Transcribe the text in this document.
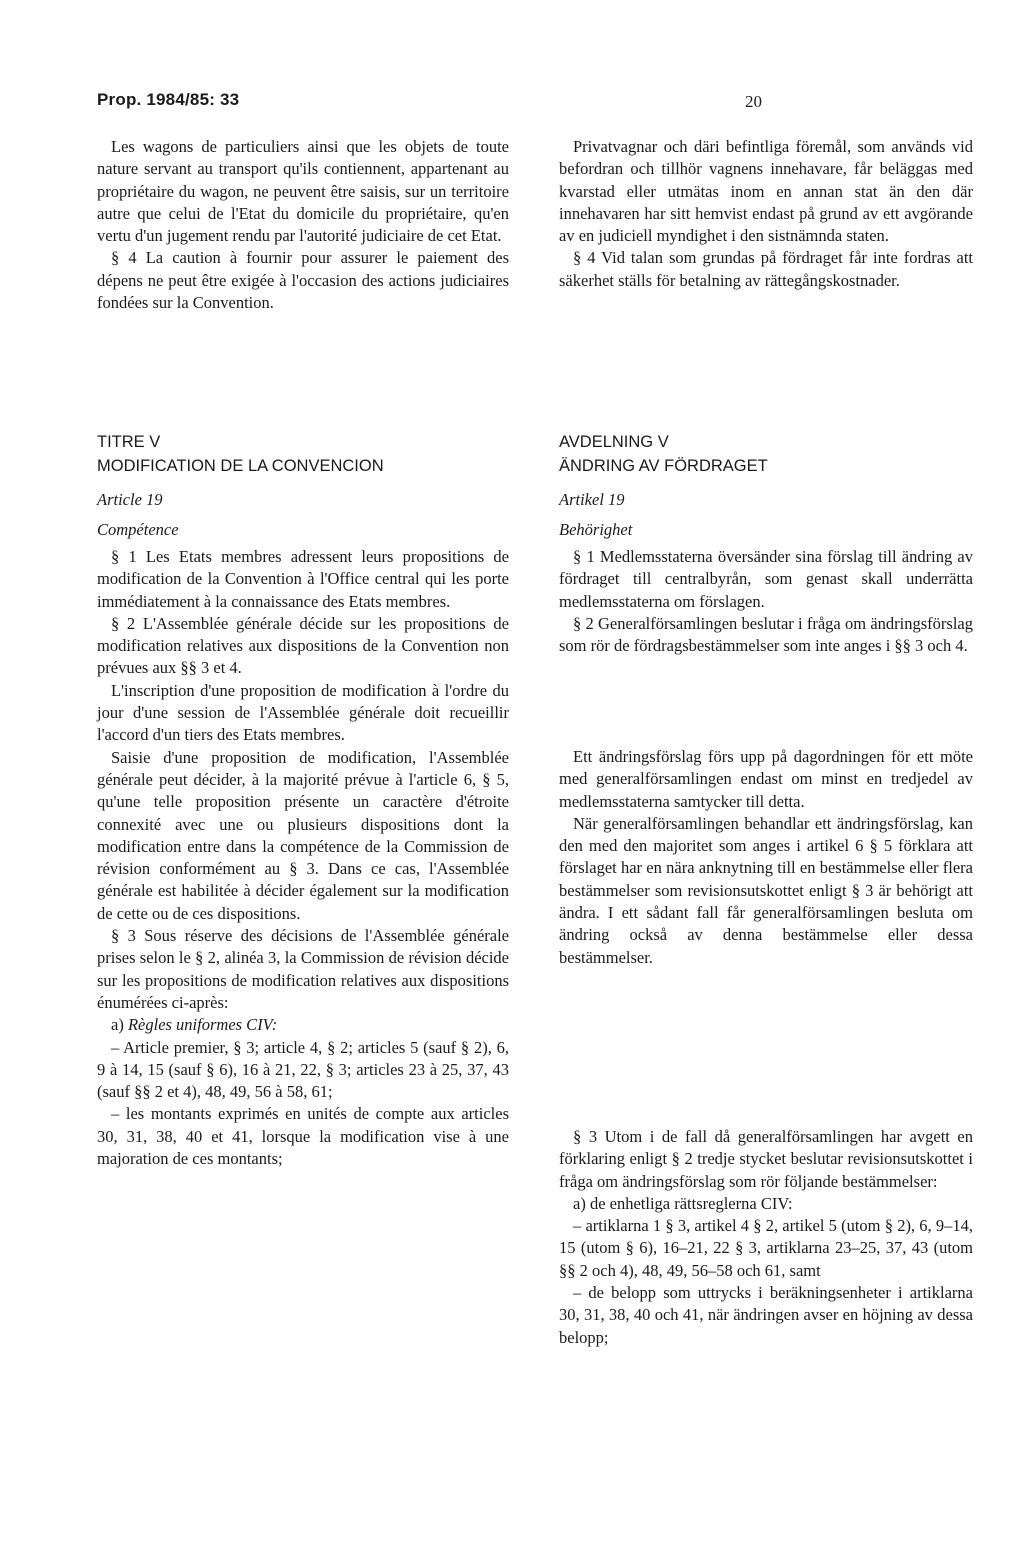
Prop. 1984/85: 33	20

Les wagons de particuliers ainsi que les objets de toute nature servant au transport qu'ils contiennent, appartenant au propriétaire du wagon, ne peuvent être saisis, sur un territoire autre que celui de l'Etat du domicile du propriétaire, qu'en vertu d'un jugement rendu par l'autorité judiciaire de cet Etat.

§ 4 La caution à fournir pour assurer le paiement des dépens ne peut être exigée à l'occasion des actions judiciaires fondées sur la Convention.

Privatvagnar och däri befintliga föremål, som används vid befordran och tillhör vagnens innehavare, får beläggas med kvarstad eller utmätas inom en annan stat än den där innehavaren har sitt hemvist endast på grund av ett avgörande av en judiciell myndighet i den sistnämnda staten.

§ 4 Vid talan som grundas på fördraget får inte fordras att säkerhet ställs för betalning av rättegångskostnader.

TITRE V

MODIFICATION DE LA CONVENCION

Article 19

Compétence

§ 1 Les Etats membres adressent leurs propositions de modification de la Convention à l'Office central qui les porte immédiatement à la connaissance des Etats membres.

§ 2 L'Assemblée générale décide sur les propositions de modification relatives aux dispositions de la Convention non prévues aux §§ 3 et 4.

L'inscription d'une proposition de modification à l'ordre du jour d'une session de l'Assemblée générale doit recueillir l'accord d'un tiers des Etats membres.

Saisie d'une proposition de modification, l'Assemblée générale peut décider, à la majorité prévue à l'article 6, § 5, qu'une telle proposition présente un caractère d'étroite connexité avec une ou plusieurs dispositions dont la modification entre dans la compétence de la Commission de révision conformément au § 3. Dans ce cas, l'Assemblée générale est habilitée à décider également sur la modification de cette ou de ces dispositions.

§ 3 Sous réserve des décisions de l'Assemblée générale prises selon le § 2, alinéa 3, la Commission de révision décide sur les propositions de modification relatives aux dispositions énumérées ci-après:

a) Règles uniformes CIV:

– Article premier, § 3; article 4, § 2; articles 5 (sauf § 2), 6, 9 à 14, 15 (sauf § 6), 16 à 21, 22, § 3; articles 23 à 25, 37, 43 (sauf §§ 2 et 4), 48, 49, 56 à 58, 61;

– les montants exprimés en unités de compte aux articles 30, 31, 38, 40 et 41, lorsque la modification vise à une majoration de ces montants;

AVDELNING V

ÄNDRING AV FÖRDRAGET

Artikel 19

Behörighet

§ 1 Medlemsstaterna översänder sina förslag till ändring av fördraget till centralbyrån, som genast skall underrätta medlemsstaterna om förslagen.

§ 2 Generalförsamlingen beslutar i fråga om ändringsförslag som rör de fördragsbestämmelser som inte anges i §§ 3 och 4.

Ett ändringsförslag förs upp på dagordningen för ett möte med generalförsamlingen endast om minst en tredjedel av medlemsstaterna samtycker till detta.

När generalförsamlingen behandlar ett ändringsförslag, kan den med den majoritet som anges i artikel 6 § 5 förklara att förslaget har en nära anknytning till en bestämmelse eller flera bestämmelser som revisionsutskottet enligt § 3 är behörigt att ändra. I ett sådant fall får generalförsamlingen besluta om ändring också av denna bestämmelse eller dessa bestämmelser.

§ 3 Utom i de fall då generalförsamlingen har avgett en förklaring enligt § 2 tredje stycket beslutar revisionsutskottet i fråga om ändringsförslag som rör följande bestämmelser:

a) de enhetliga rättsreglerna CIV:

– artiklarna 1 § 3, artikel 4 § 2, artikel 5 (utom § 2), 6, 9–14, 15 (utom § 6), 16–21, 22 § 3, artiklarna 23–25, 37, 43 (utom §§ 2 och 4), 48, 49, 56–58 och 61, samt

– de belopp som uttrycks i beräkningsenheter i artiklarna 30, 31, 38, 40 och 41, när ändringen avser en höjning av dessa belopp;
